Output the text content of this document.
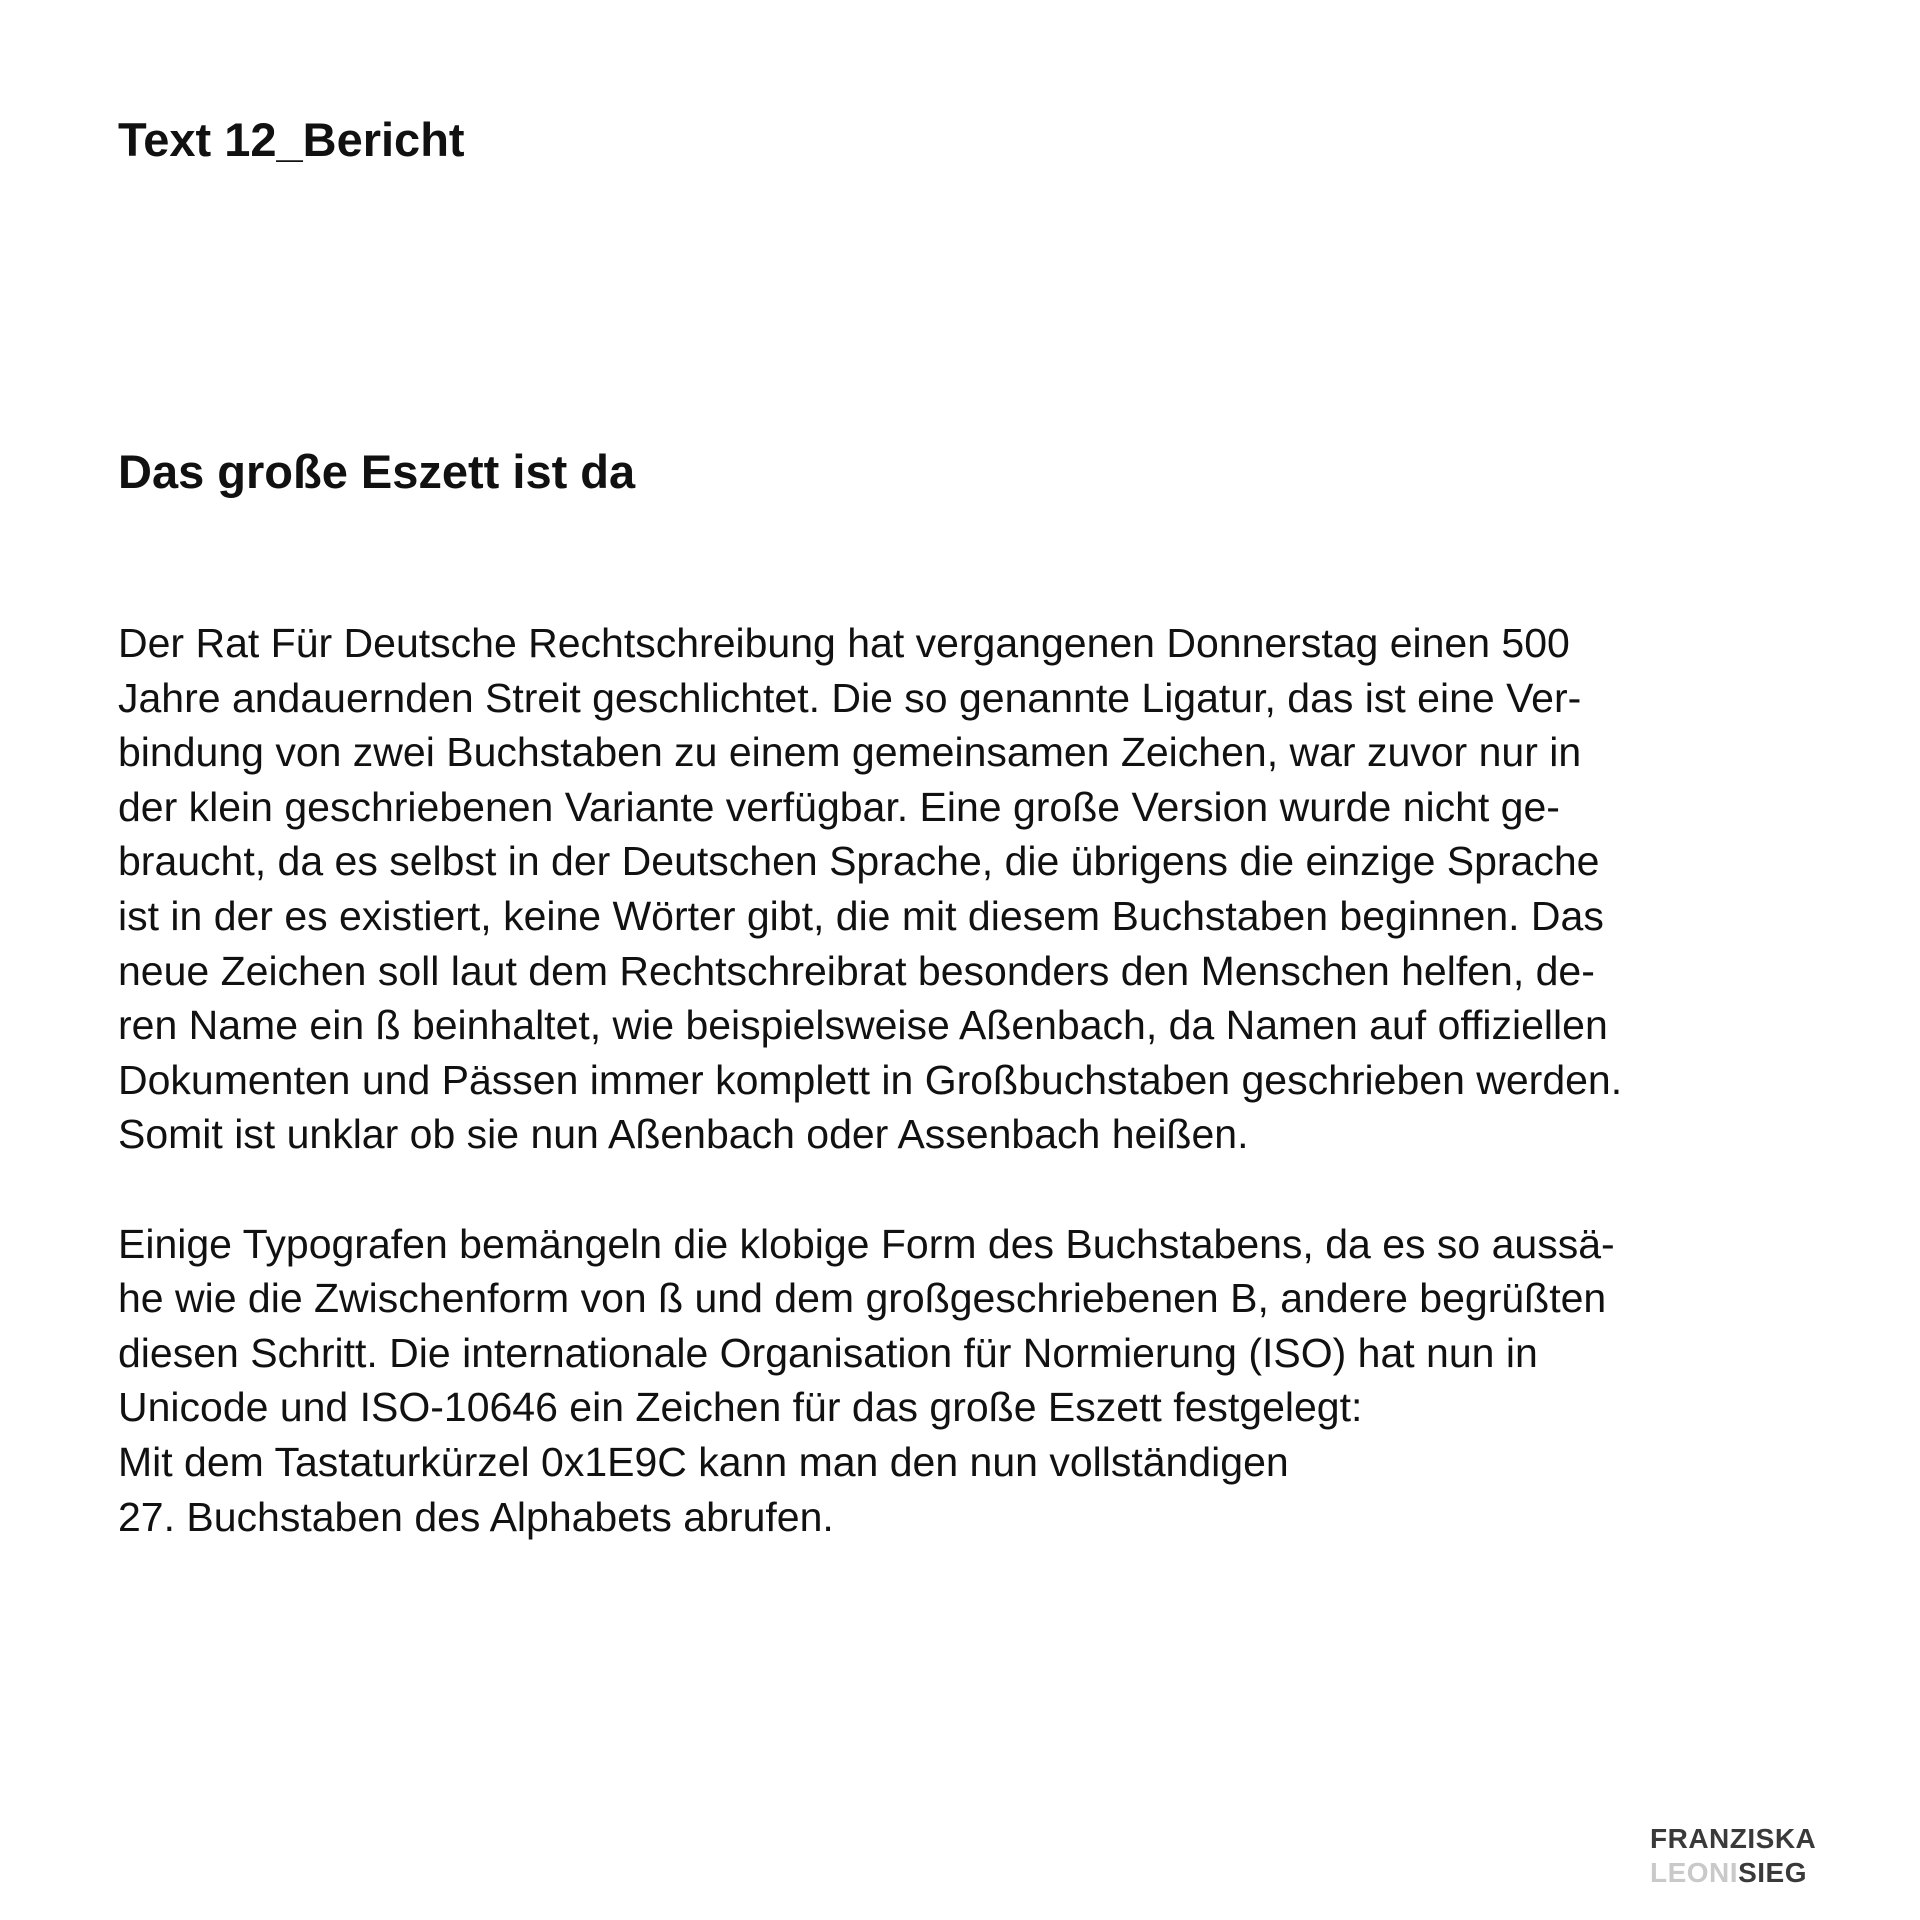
Text 12_Bericht
Das große Eszett ist da

Der Rat Für Deutsche Rechtschreibung hat vergangenen Donnerstag einen 500
Jahre andauernden Streit geschlichtet. Die so genannte Ligatur, das ist eine Ver-
bindung von zwei Buchstaben zu einem gemeinsamen Zeichen, war zuvor nur in
der klein geschriebenen Variante verfügbar. Eine große Version wurde nicht ge-
braucht, da es selbst in der Deutschen Sprache, die übrigens die einzige Sprache
ist in der es existiert, keine Wörter gibt, die mit diesem Buchstaben beginnen. Das
neue Zeichen soll laut dem Rechtschreibrat besonders den Menschen helfen, de-
ren Name ein ß beinhaltet, wie beispielsweise Aßenbach, da Namen auf offiziellen
Dokumenten und Pässen immer komplett in Großbuchstaben geschrieben werden.
Somit ist unklar ob sie nun Aßenbach oder Assenbach heißen.

Einige Typografen bemängeln die klobige Form des Buchstabens, da es so aussä-
he wie die Zwischenform von ß und dem großgeschriebenen B, andere begrüßten
diesen Schritt. Die internationale Organisation für Normierung (ISO) hat nun in
Unicode und ISO-10646 ein Zeichen für das große Eszett festgelegt:
Mit dem Tastaturkürzel 0x1E9C kann man den nun vollständigen
27. Buchstaben des Alphabets abrufen.

FRANZISKA
LEONISIEG
